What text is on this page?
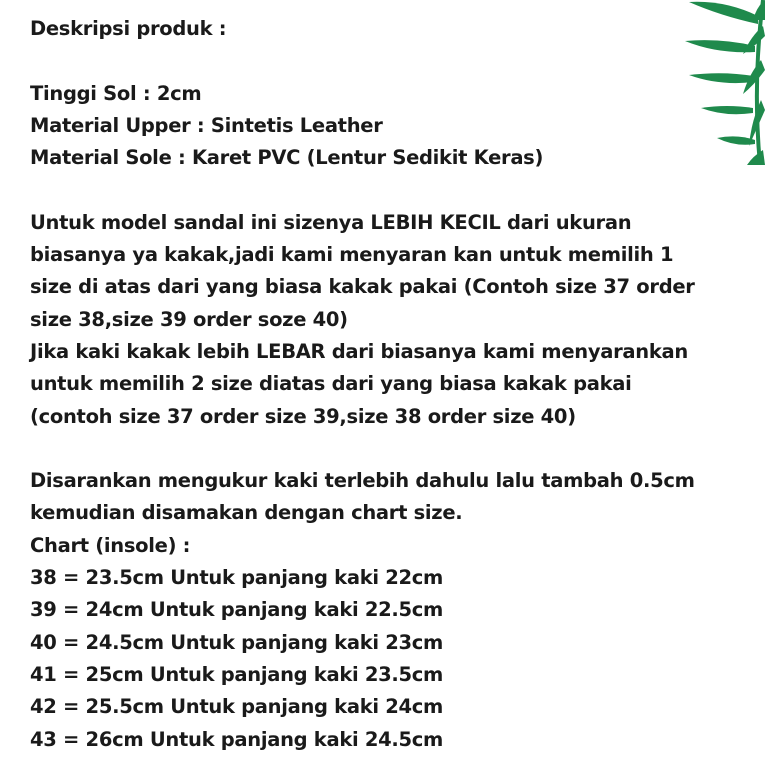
Deskripsi produk :
Tinggi Sol : 2cm
Material Upper : Sintetis Leather
Material Sole : Karet PVC (Lentur Sedikit Keras)
Untuk model sandal ini sizenya LEBIH KECIL dari ukuran
biasanya ya kakak,jadi kami menyaran kan untuk memilih 1
size di atas dari yang biasa kakak pakai (Contoh size 37 order
size 38,size 39 order soze 40)
Jika kaki kakak lebih LEBAR dari biasanya kami menyarankan
untuk memilih 2 size diatas dari yang biasa kakak pakai
(contoh size 37 order size 39,size 38 order size 40)
Disarankan mengukur kaki terlebih dahulu lalu tambah 0.5cm
kemudian disamakan dengan chart size.
Chart (insole) :
38 = 23.5cm Untuk panjang kaki 22cm
39 = 24cm Untuk panjang kaki 22.5cm
40 = 24.5cm Untuk panjang kaki 23cm
41 = 25cm Untuk panjang kaki 23.5cm
42 = 25.5cm Untuk panjang kaki 24cm
43 = 26cm Untuk panjang kaki 24.5cm
